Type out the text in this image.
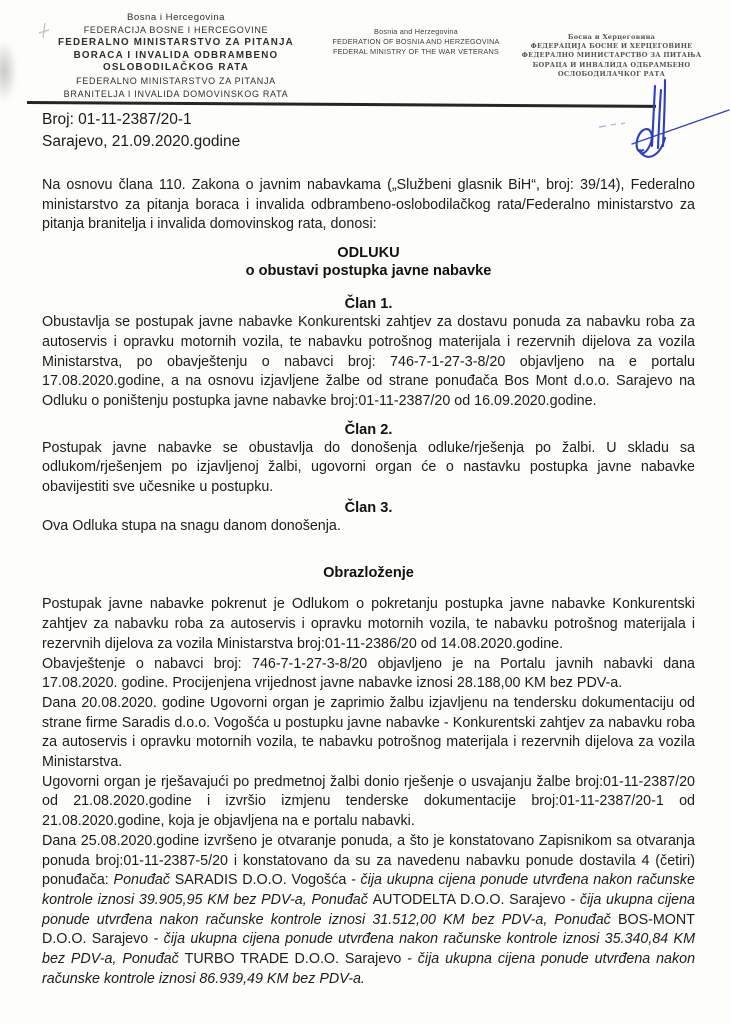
Bosna i Hercegovina
FEDERACIJA BOSNE I HERCEGOVINE
FEDERALNO MINISTARSTVO ZA PITANJA
BORACA I INVALIDA ODBRAMBENO
OSLOBODILAČKOG RATA
FEDERALNO MINISTARSTVO ZA PITANJA
BRANITELJA I INVALIDA DOMOVINSKOG RATA
Bosnia and Herzegovina
FEDERATION OF BOSNIA AND HERZEGOVINA
FEDERAL MINISTRY OF THE WAR VETERANS
Босна и Херцеговина
ФЕДЕРАЦИЈА БОСНЕ И ХЕРЦЕГОВИНЕ
ФЕДЕРАЛНО МИНИСТАРСТВО ЗА ПИТАЊА
БОРАЦА И ИНВАЛИДА ОДБРАМБЕНО
ОСЛОБОДИЛАЧКОГ РАТА
Broj: 01-11-2387/20-1
Sarajevo, 21.09.2020.godine

Na osnovu člana 110. Zakona o javnim nabavkama („Službeni glasnik BiH“, broj: 39/14), Federalno ministarstvo za pitanja boraca i invalida odbrambeno-oslobodilačkog rata/Federalno ministarstvo za pitanja branitelja i invalida domovinskog rata, donosi:

ODLUKU
o obustavi postupka javne nabavke
Član 1.

Obustavlja se postupak javne nabavke Konkurentski zahtjev za dostavu ponuda za nabavku roba za autoservis i opravku motornih vozila, te nabavku potrošnog materijala i rezervnih dijelova za vozila Ministarstva, po obavještenju o nabavci broj: 746-7-1-27-3-8/20 objavljeno na e portalu 17.08.2020.godine, a na osnovu izjavljene žalbe od strane ponuđača Bos Mont d.o.o. Sarajevo na Odluku o poništenju postupka javne nabavke broj:01-11-2387/20 od 16.09.2020.godine.

Član 2.

Postupak javne nabavke se obustavlja do donošenja odluke/rješenja po žalbi. U skladu sa odlukom/rješenjem po izjavljenoj žalbi, ugovorni organ će o nastavku postupka javne nabavke obavijestiti sve učesnike u postupku.

Član 3.

Ova Odluka stupa na snagu danom donošenja.

Obrazloženje

Postupak javne nabavke pokrenut je Odlukom o pokretanju postupka javne nabavke Konkurentski zahtjev za nabavku roba za autoservis i opravku motornih vozila, te nabavku potrošnog materijala i rezervnih dijelova za vozila Ministarstva broj:01-11-2386/20 od 14.08.2020.godine.

Obavještenje o nabavci broj: 746-7-1-27-3-8/20 objavljeno je na Portalu javnih nabavki dana 17.08.2020. godine. Procijenjena vrijednost javne nabavke iznosi 28.188,00 KM bez PDV-a.

Dana 20.08.2020. godine Ugovorni organ je zaprimio žalbu izjavljenu na tendersku dokumentaciju od strane firme Saradis d.o.o. Vogošća u postupku javne nabavke - Konkurentski zahtjev za nabavku roba za autoservis i opravku motornih vozila, te nabavku potrošnog materijala i rezervnih dijelova za vozila Ministarstva.

Ugovorni organ je rješavajući po predmetnoj žalbi donio rješenje o usvajanju žalbe broj:01-11-2387/20 od 21.08.2020.godine i izvršio izmjenu tenderske dokumentacije broj:01-11-2387/20-1 od 21.08.2020.godine, koja je objavljena na e portalu nabavki.

Dana 25.08.2020.godine izvršeno je otvaranje ponuda, a što je konstatovano Zapisnikom sa otvaranja ponuda broj:01-11-2387-5/20 i konstatovano da su za navedenu nabavku ponude dostavila 4 (četiri) ponuđača: Ponuđač SARADIS D.O.O. Vogošća - čija ukupna cijena ponude utvrđena nakon računske kontrole iznosi 39.905,95 KM bez PDV-a, Ponuđač AUTODELTA D.O.O. Sarajevo - čija ukupna cijena ponude utvrđena nakon računske kontrole iznosi 31.512,00 KM bez PDV-a, Ponuđač BOS-MONT D.O.O. Sarajevo - čija ukupna cijena ponude utvrđena nakon računske kontrole iznosi 35.340,84 KM bez PDV-a, Ponuđač TURBO TRADE D.O.O. Sarajevo - čija ukupna cijena ponude utvrđena nakon računske kontrole iznosi 86.939,49 KM bez PDV-a.
